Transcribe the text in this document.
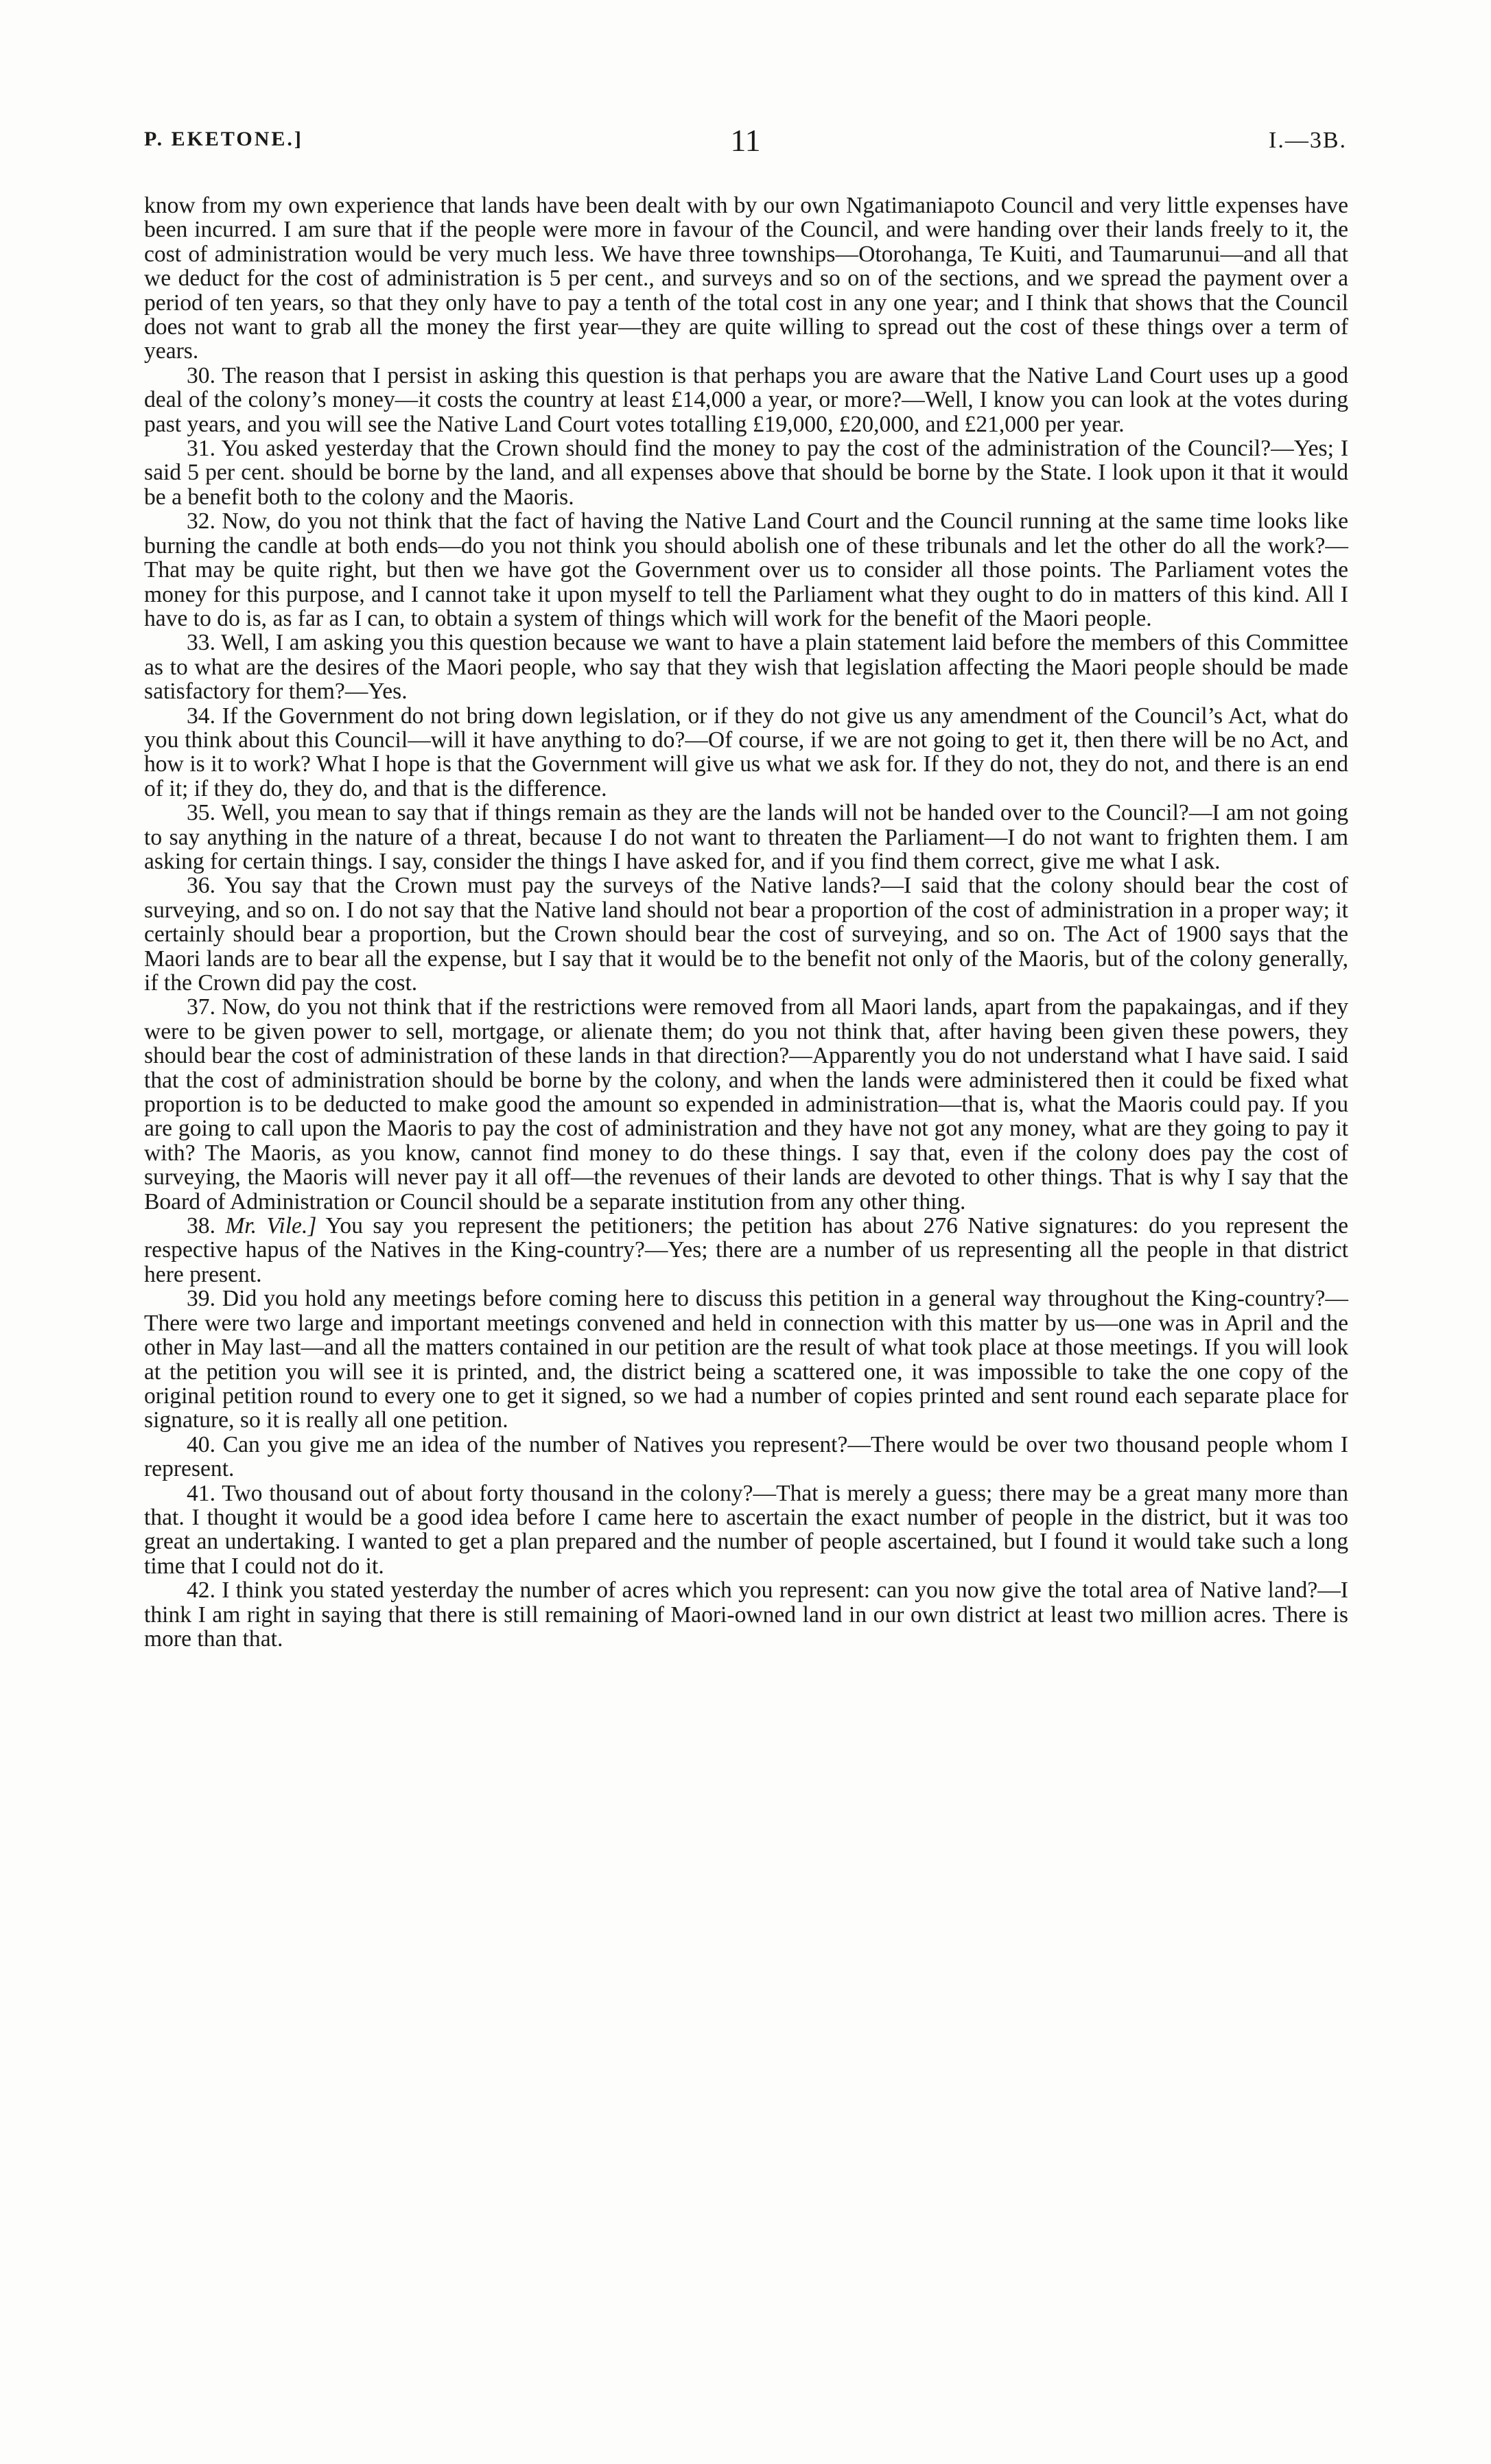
P. EKETONE.]	11	I.—3B.

know from my own experience that lands have been dealt with by our own Ngatimaniapoto Council and very little expenses have been incurred. I am sure that if the people were more in favour of the Council, and were handing over their lands freely to it, the cost of administration would be very much less. We have three townships—Otorohanga, Te Kuiti, and Taumarunui—and all that we deduct for the cost of administration is 5 per cent., and surveys and so on of the sections, and we spread the payment over a period of ten years, so that they only have to pay a tenth of the total cost in any one year; and I think that shows that the Council does not want to grab all the money the first year—they are quite willing to spread out the cost of these things over a term of years.

30. The reason that I persist in asking this question is that perhaps you are aware that the Native Land Court uses up a good deal of the colony’s money—it costs the country at least £14,000 a year, or more?—Well, I know you can look at the votes during past years, and you will see the Native Land Court votes totalling £19,000, £20,000, and £21,000 per year.

31. You asked yesterday that the Crown should find the money to pay the cost of the administration of the Council?—Yes; I said 5 per cent. should be borne by the land, and all expenses above that should be borne by the State. I look upon it that it would be a benefit both to the colony and the Maoris.

32. Now, do you not think that the fact of having the Native Land Court and the Council running at the same time looks like burning the candle at both ends—do you not think you should abolish one of these tribunals and let the other do all the work?—That may be quite right, but then we have got the Government over us to consider all those points. The Parliament votes the money for this purpose, and I cannot take it upon myself to tell the Parliament what they ought to do in matters of this kind. All I have to do is, as far as I can, to obtain a system of things which will work for the benefit of the Maori people.

33. Well, I am asking you this question because we want to have a plain statement laid before the members of this Committee as to what are the desires of the Maori people, who say that they wish that legislation affecting the Maori people should be made satisfactory for them?—Yes.

34. If the Government do not bring down legislation, or if they do not give us any amendment of the Council’s Act, what do you think about this Council—will it have anything to do?—Of course, if we are not going to get it, then there will be no Act, and how is it to work? What I hope is that the Government will give us what we ask for. If they do not, they do not, and there is an end of it; if they do, they do, and that is the difference.

35. Well, you mean to say that if things remain as they are the lands will not be handed over to the Council?—I am not going to say anything in the nature of a threat, because I do not want to threaten the Parliament—I do not want to frighten them. I am asking for certain things. I say, consider the things I have asked for, and if you find them correct, give me what I ask.

36. You say that the Crown must pay the surveys of the Native lands?—I said that the colony should bear the cost of surveying, and so on. I do not say that the Native land should not bear a proportion of the cost of administration in a proper way; it certainly should bear a proportion, but the Crown should bear the cost of surveying, and so on. The Act of 1900 says that the Maori lands are to bear all the expense, but I say that it would be to the benefit not only of the Maoris, but of the colony generally, if the Crown did pay the cost.

37. Now, do you not think that if the restrictions were removed from all Maori lands, apart from the papakaingas, and if they were to be given power to sell, mortgage, or alienate them; do you not think that, after having been given these powers, they should bear the cost of administration of these lands in that direction?—Apparently you do not understand what I have said. I said that the cost of administration should be borne by the colony, and when the lands were administered then it could be fixed what proportion is to be deducted to make good the amount so expended in administration—that is, what the Maoris could pay. If you are going to call upon the Maoris to pay the cost of administration and they have not got any money, what are they going to pay it with? The Maoris, as you know, cannot find money to do these things. I say that, even if the colony does pay the cost of surveying, the Maoris will never pay it all off—the revenues of their lands are devoted to other things. That is why I say that the Board of Administration or Council should be a separate institution from any other thing.

38. Mr. Vile.] You say you represent the petitioners; the petition has about 276 Native signatures: do you represent the respective hapus of the Natives in the King-country?—Yes; there are a number of us representing all the people in that district here present.

39. Did you hold any meetings before coming here to discuss this petition in a general way throughout the King-country?—There were two large and important meetings convened and held in connection with this matter by us—one was in April and the other in May last—and all the matters contained in our petition are the result of what took place at those meetings. If you will look at the petition you will see it is printed, and, the district being a scattered one, it was impossible to take the one copy of the original petition round to every one to get it signed, so we had a number of copies printed and sent round each separate place for signature, so it is really all one petition.

40. Can you give me an idea of the number of Natives you represent?—There would be over two thousand people whom I represent.

41. Two thousand out of about forty thousand in the colony?—That is merely a guess; there may be a great many more than that. I thought it would be a good idea before I came here to ascertain the exact number of people in the district, but it was too great an undertaking. I wanted to get a plan prepared and the number of people ascertained, but I found it would take such a long time that I could not do it.

42. I think you stated yesterday the number of acres which you represent: can you now give the total area of Native land?—I think I am right in saying that there is still remaining of Maori-owned land in our own district at least two million acres. There is more than that.
